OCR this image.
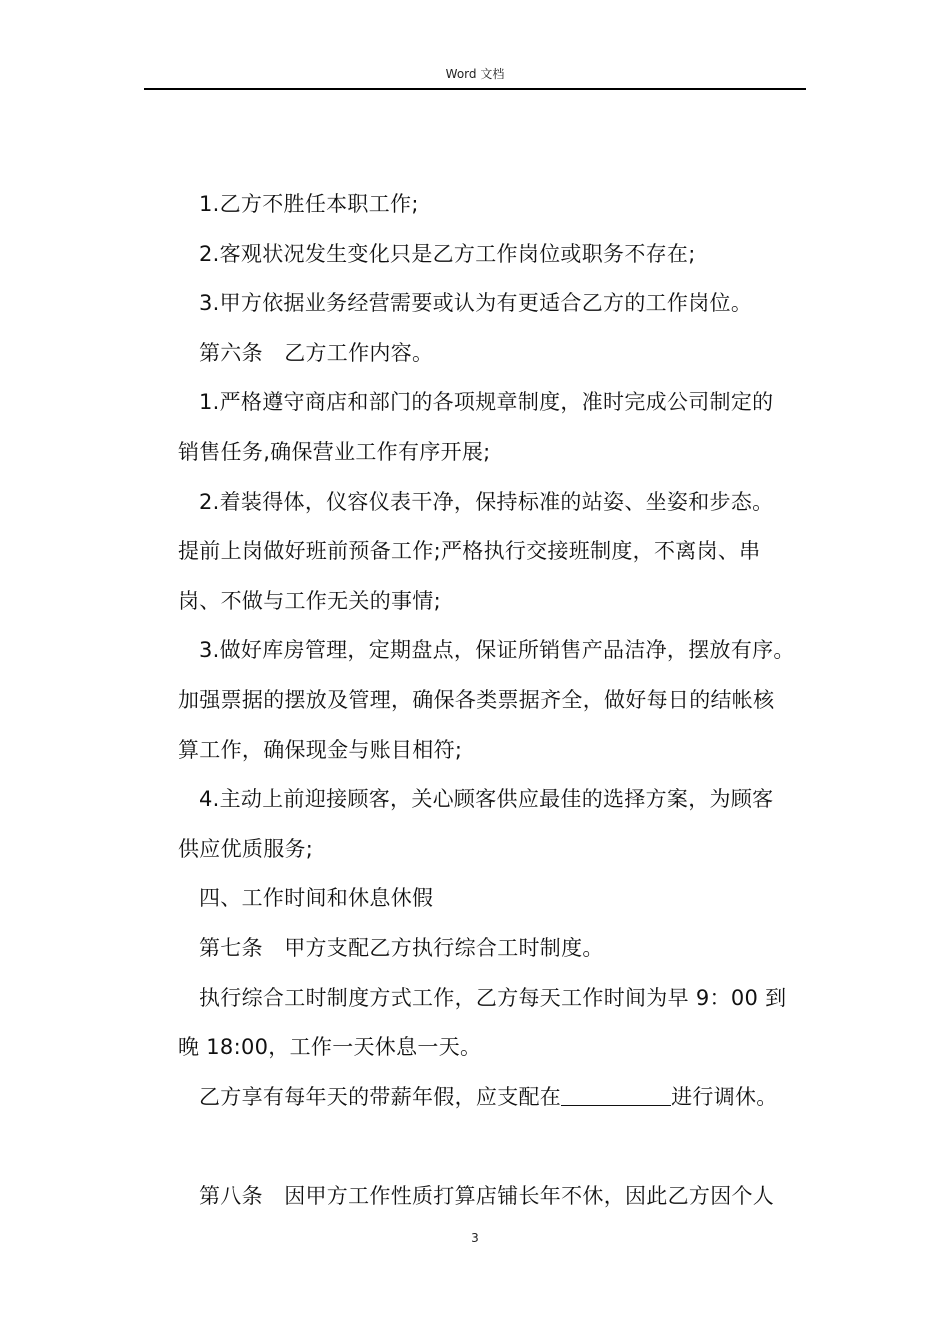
Word 文档
1.乙方不胜任本职工作;
2.客观状况发生变化只是乙方工作岗位或职务不存在;
3.甲方依据业务经营需要或认为有更适合乙方的工作岗位。
第六条　乙方工作内容。
1.严格遵守商店和部门的各项规章制度，准时完成公司制定的
销售任务,确保营业工作有序开展;
2.着装得体，仪容仪表干净，保持标准的站姿、坐姿和步态。
提前上岗做好班前预备工作;严格执行交接班制度，不离岗、串
岗、不做与工作无关的事情;
3.做好库房管理，定期盘点，保证所销售产品洁净，摆放有序。
加强票据的摆放及管理，确保各类票据齐全，做好每日的结帐核
算工作，确保现金与账目相符;
4.主动上前迎接顾客，关心顾客供应最佳的选择方案，为顾客
供应优质服务;
四、工作时间和休息休假
第七条　甲方支配乙方执行综合工时制度。
执行综合工时制度方式工作，乙方每天工作时间为早 9：00 到
晚 18:00，工作一天休息一天。
乙方享有每年天的带薪年假，应支配在	进行调休。
第八条　因甲方工作性质打算店铺长年不休，因此乙方因个人
3
